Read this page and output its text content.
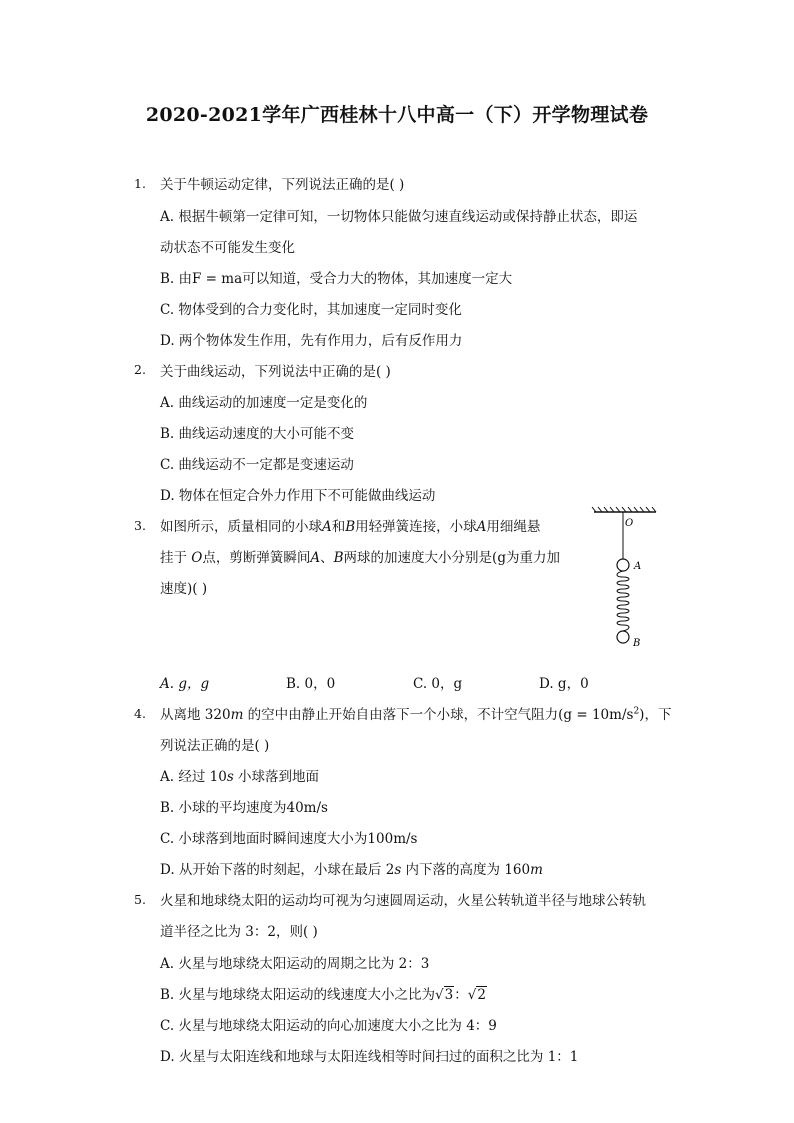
2020-2021学年广西桂林十八中高一（下）开学物理试卷
1. 关于牛顿运动定律，下列说法正确的是( )
A. 根据牛顿第一定律可知，一切物体只能做匀速直线运动或保持静止状态，即运
动状态不可能发生变化
B. 由F = ma可以知道，受合力大的物体，其加速度一定大
C. 物体受到的合力变化时，其加速度一定同时变化
D. 两个物体发生作用，先有作用力，后有反作用力
2. 关于曲线运动，下列说法中正确的是( )
A. 曲线运动的加速度一定是变化的
B. 曲线运动速度的大小可能不变
C. 曲线运动不一定都是变速运动
D. 物体在恒定合外力作用下不可能做曲线运动
3. 如图所示，质量相同的小球A和B用轻弹簧连接，小球A用细绳悬
挂于 O点，剪断弹簧瞬间A、B两球的加速度大小分别是(g为重力加
速度)( )
O
A
B
A. g，g	B. 0，0	C. 0，g	D. g，0
4. 从离地 320m 的空中由静止开始自由落下一个小球，不计空气阻力$(g = 10m/s^2)$，下
列说法正确的是( )
A. 经过 10s 小球落到地面
B. 小球的平均速度为40m/s
C. 小球落到地面时瞬间速度大小为100m/s
D. 从开始下落的时刻起，小球在最后 2s 内下落的高度为 160m
5. 火星和地球绕太阳的运动均可视为匀速圆周运动，火星公转轨道半径与地球公转轨
道半径之比为 3：2，则( )
A. 火星与地球绕太阳运动的周期之比为 2：3
B. 火星与地球绕太阳运动的线速度大小之比为√3：√2
C. 火星与地球绕太阳运动的向心加速度大小之比为 4：9
D. 火星与太阳连线和地球与太阳连线相等时间扫过的面积之比为 1：1
